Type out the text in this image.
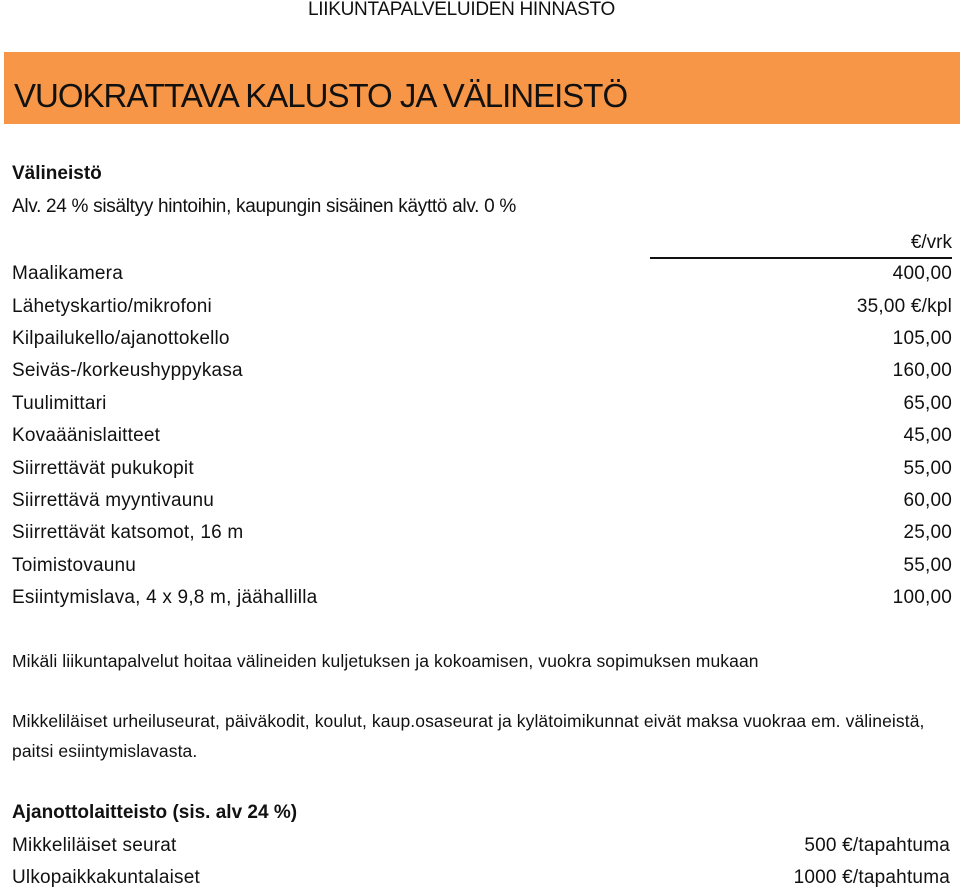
LIIKUNTAPALVELUIDEN HINNASTO
VUOKRATTAVA KALUSTO JA VÄLINEISTÖ
Välineistö
Alv. 24 % sisältyy hintoihin, kaupungin sisäinen käyttö alv. 0 %
€/vrk
Maalikamera	400,00
Lähetyskartio/mikrofoni	35,00 €/kpl
Kilpailukello/ajanottokello	105,00
Seiväs-/korkeushyppykasa	160,00
Tuulimittari	65,00
Kovaäänislaitteet	45,00
Siirrettävät pukukopit	55,00
Siirrettävä myyntivaunu	60,00
Siirrettävät katsomot, 16 m	25,00
Toimistovaunu	55,00
Esiintymislava, 4 x 9,8 m, jäähallilla	100,00
Mikäli liikuntapalvelut hoitaa välineiden kuljetuksen ja kokoamisen, vuokra sopimuksen mukaan
Mikkeliläiset urheiluseurat, päiväkodit, koulut, kaup.osaseurat ja kylätoimikunnat eivät maksa vuokraa em. välineistä, paitsi esiintymislavasta.
Ajanottolaitteisto (sis. alv 24 %)
Mikkeliläiset seurat	500 €/tapahtuma
Ulkopaikkakuntalaiset	1000 €/tapahtuma
